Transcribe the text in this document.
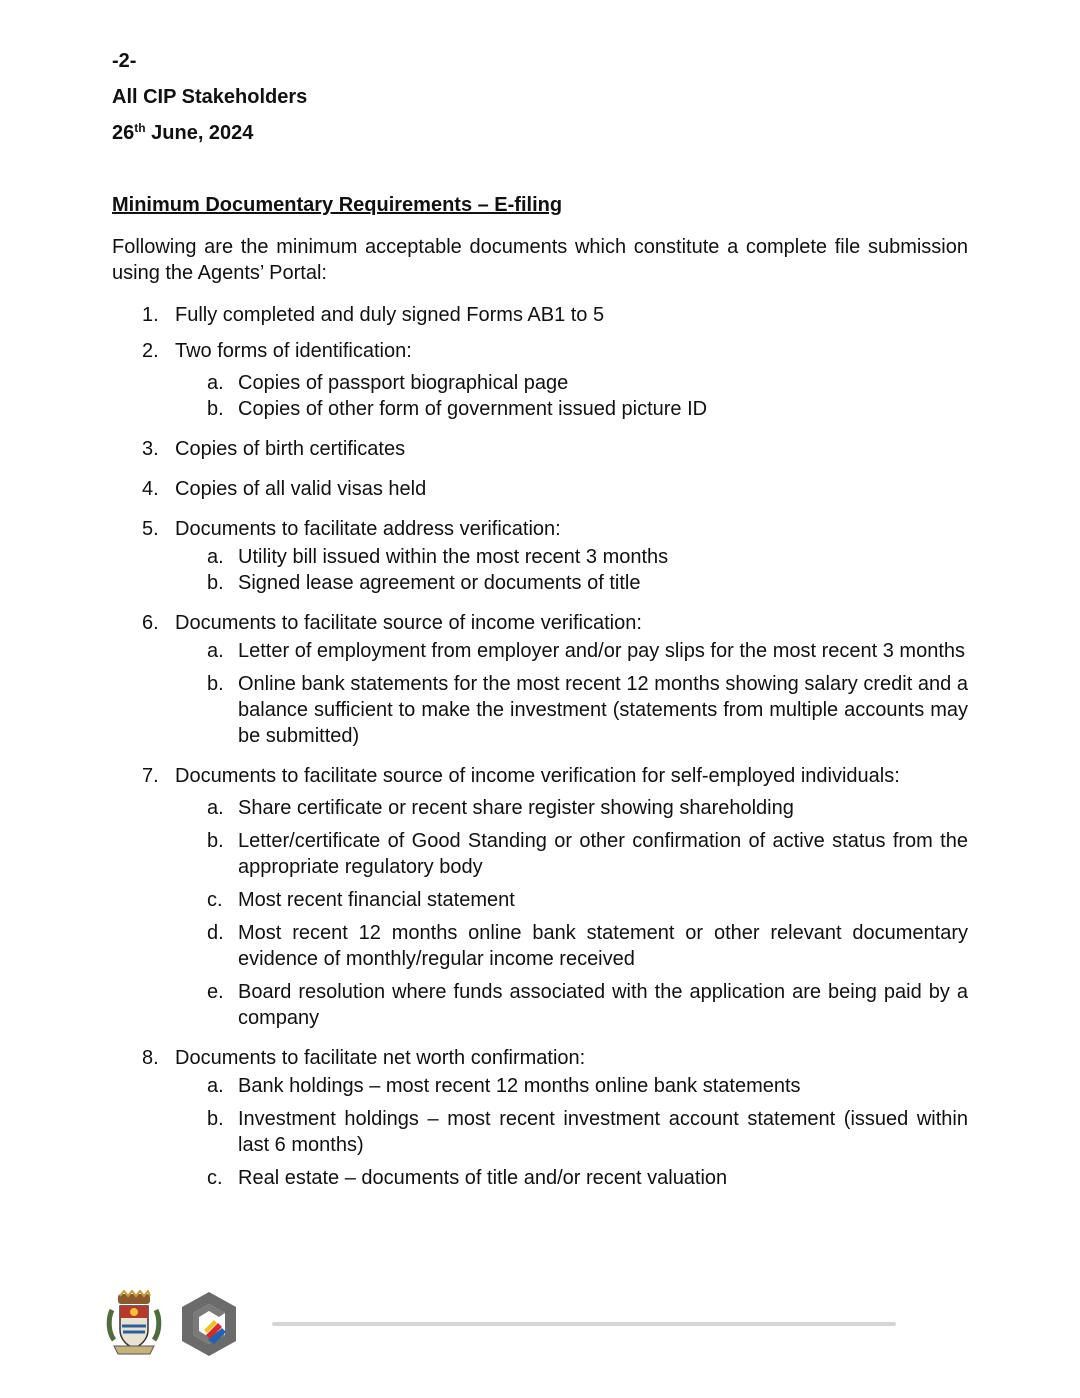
-2-

All CIP Stakeholders

26th June, 2024

Minimum Documentary Requirements – E-filing

Following are the minimum acceptable documents which constitute a complete file submission using the Agents’ Portal:

1. Fully completed and duly signed Forms AB1 to 5
2. Two forms of identification:
a. Copies of passport biographical page
b. Copies of other form of government issued picture ID
3. Copies of birth certificates
4. Copies of all valid visas held
5. Documents to facilitate address verification:
a. Utility bill issued within the most recent 3 months
b. Signed lease agreement or documents of title
6. Documents to facilitate source of income verification:
a. Letter of employment from employer and/or pay slips for the most recent 3 months
b. Online bank statements for the most recent 12 months showing salary credit and a balance sufficient to make the investment (statements from multiple accounts may be submitted)
7. Documents to facilitate source of income verification for self-employed individuals:
a. Share certificate or recent share register showing shareholding
b. Letter/certificate of Good Standing or other confirmation of active status from the appropriate regulatory body
c. Most recent financial statement
d. Most recent 12 months online bank statement or other relevant documentary evidence of monthly/regular income received
e. Board resolution where funds associated with the application are being paid by a company
8. Documents to facilitate net worth confirmation:
a. Bank holdings – most recent 12 months online bank statements
b. Investment holdings – most recent investment account statement (issued within last 6 months)
c. Real estate – documents of title and/or recent valuation
